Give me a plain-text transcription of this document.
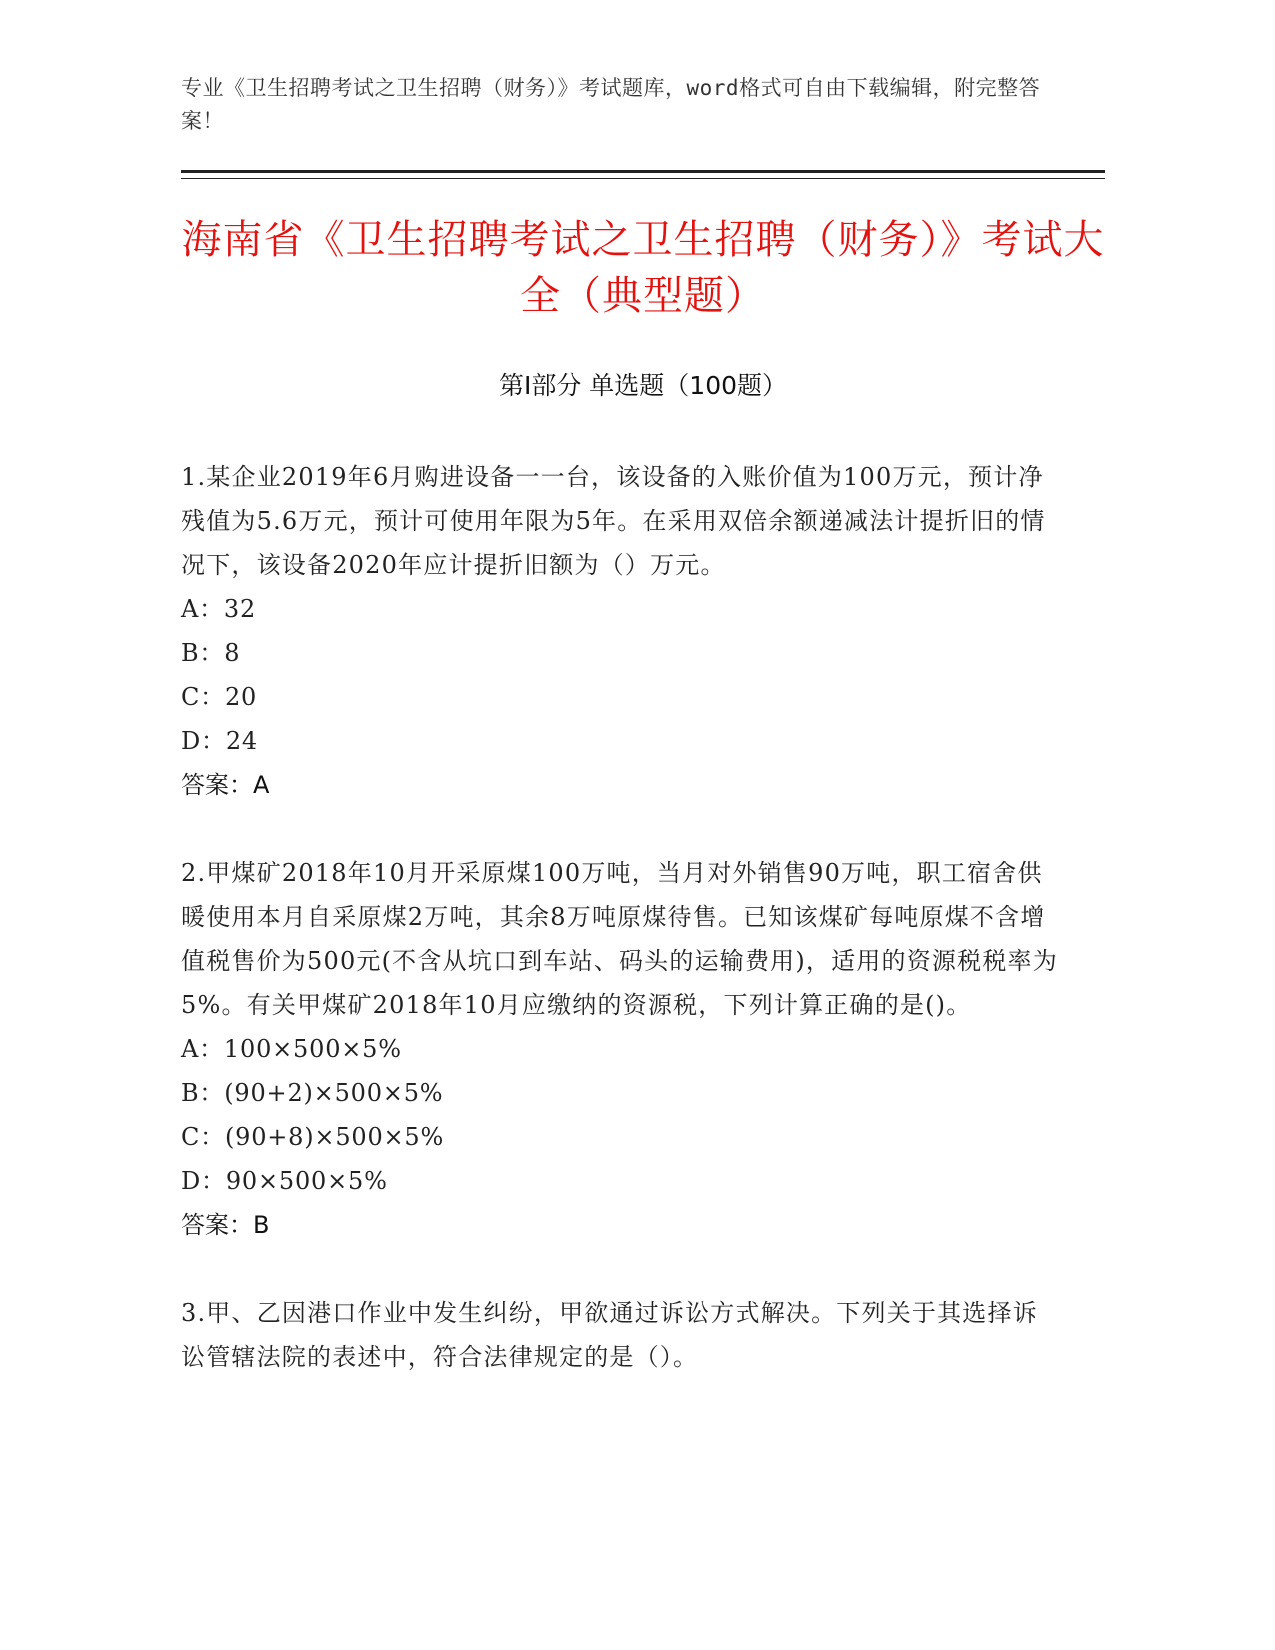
专业《卫生招聘考试之卫生招聘（财务）》考试题库，word格式可自由下载编辑，附完整答案！
海南省《卫生招聘考试之卫生招聘（财务）》考试大全（典型题）
第I部分 单选题（100题）
1.某企业2019年6月购进设备一一台，该设备的入账价值为100万元，预计净残值为5.6万元，预计可使用年限为5年。在采用双倍余额递减法计提折旧的情况下，该设备2020年应计提折旧额为（）万元。
A：32
B：8
C：20
D：24
答案：A
2.甲煤矿2018年10月开采原煤100万吨，当月对外销售90万吨，职工宿舍供暖使用本月自采原煤2万吨，其余8万吨原煤待售。已知该煤矿每吨原煤不含增值税售价为500元(不含从坑口到车站、码头的运输费用)，适用的资源税税率为5%。有关甲煤矿2018年10月应缴纳的资源税，下列计算正确的是()。
A：100×500×5%
B：(90+2)×500×5%
C：(90+8)×500×5%
D：90×500×5%
答案：B
3.甲、乙因港口作业中发生纠纷，甲欲通过诉讼方式解决。下列关于其选择诉讼管辖法院的表述中，符合法律规定的是（）。
